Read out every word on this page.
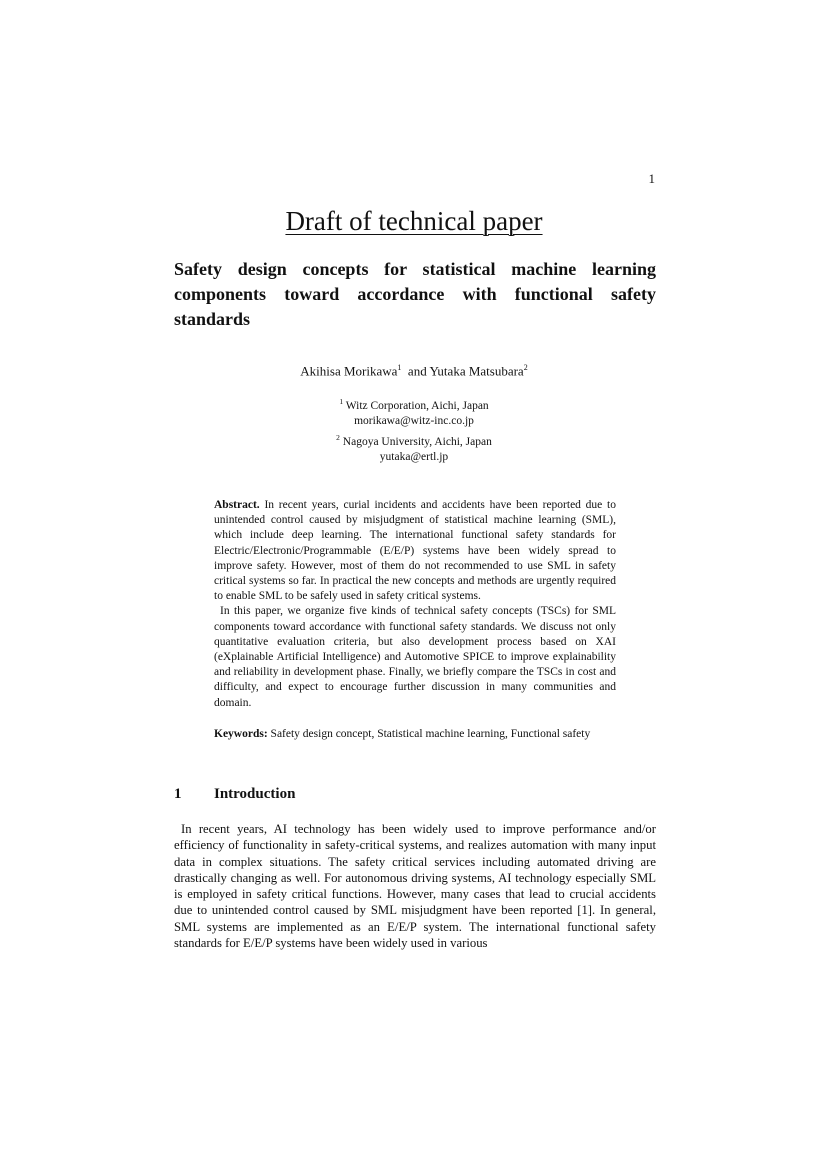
1

Draft of technical paper
Safety design concepts for statistical machine learning components toward accordance with functional safety standards

Akihisa Morikawa$^1$ and Yutaka Matsubara$^2$

$^1$ Witz Corporation, Aichi, Japan
morikawa@witz-inc.co.jp
$^2$ Nagoya University, Aichi, Japan
yutaka@ertl.jp

Abstract. In recent years, curial incidents and accidents have been reported due to unintended control caused by misjudgment of statistical machine learning (SML), which include deep learning. The international functional safety standards for Electric/Electronic/Programmable (E/E/P) systems have been widely spread to improve safety. However, most of them do not recommended to use SML in safety critical systems so far. In practical the new concepts and methods are urgently required to enable SML to be safely used in safety critical systems.

In this paper, we organize five kinds of technical safety concepts (TSCs) for SML components toward accordance with functional safety standards. We discuss not only quantitative evaluation criteria, but also development process based on XAI (eXplainable Artificial Intelligence) and Automotive SPICE to improve explainability and reliability in development phase. Finally, we briefly compare the TSCs in cost and difficulty, and expect to encourage further discussion in many communities and domain.

Keywords: Safety design concept, Statistical machine learning, Functional safety

1 Introduction

In recent years, AI technology has been widely used to improve performance and/or efficiency of functionality in safety-critical systems, and realizes automation with many input data in complex situations. The safety critical services including automated driving are drastically changing as well. For autonomous driving systems, AI technology especially SML is employed in safety critical functions. However, many cases that lead to crucial accidents due to unintended control caused by SML misjudgment have been reported [1]. In general, SML systems are implemented as an E/E/P system. The international functional safety standards for E/E/P systems have been widely used in various
